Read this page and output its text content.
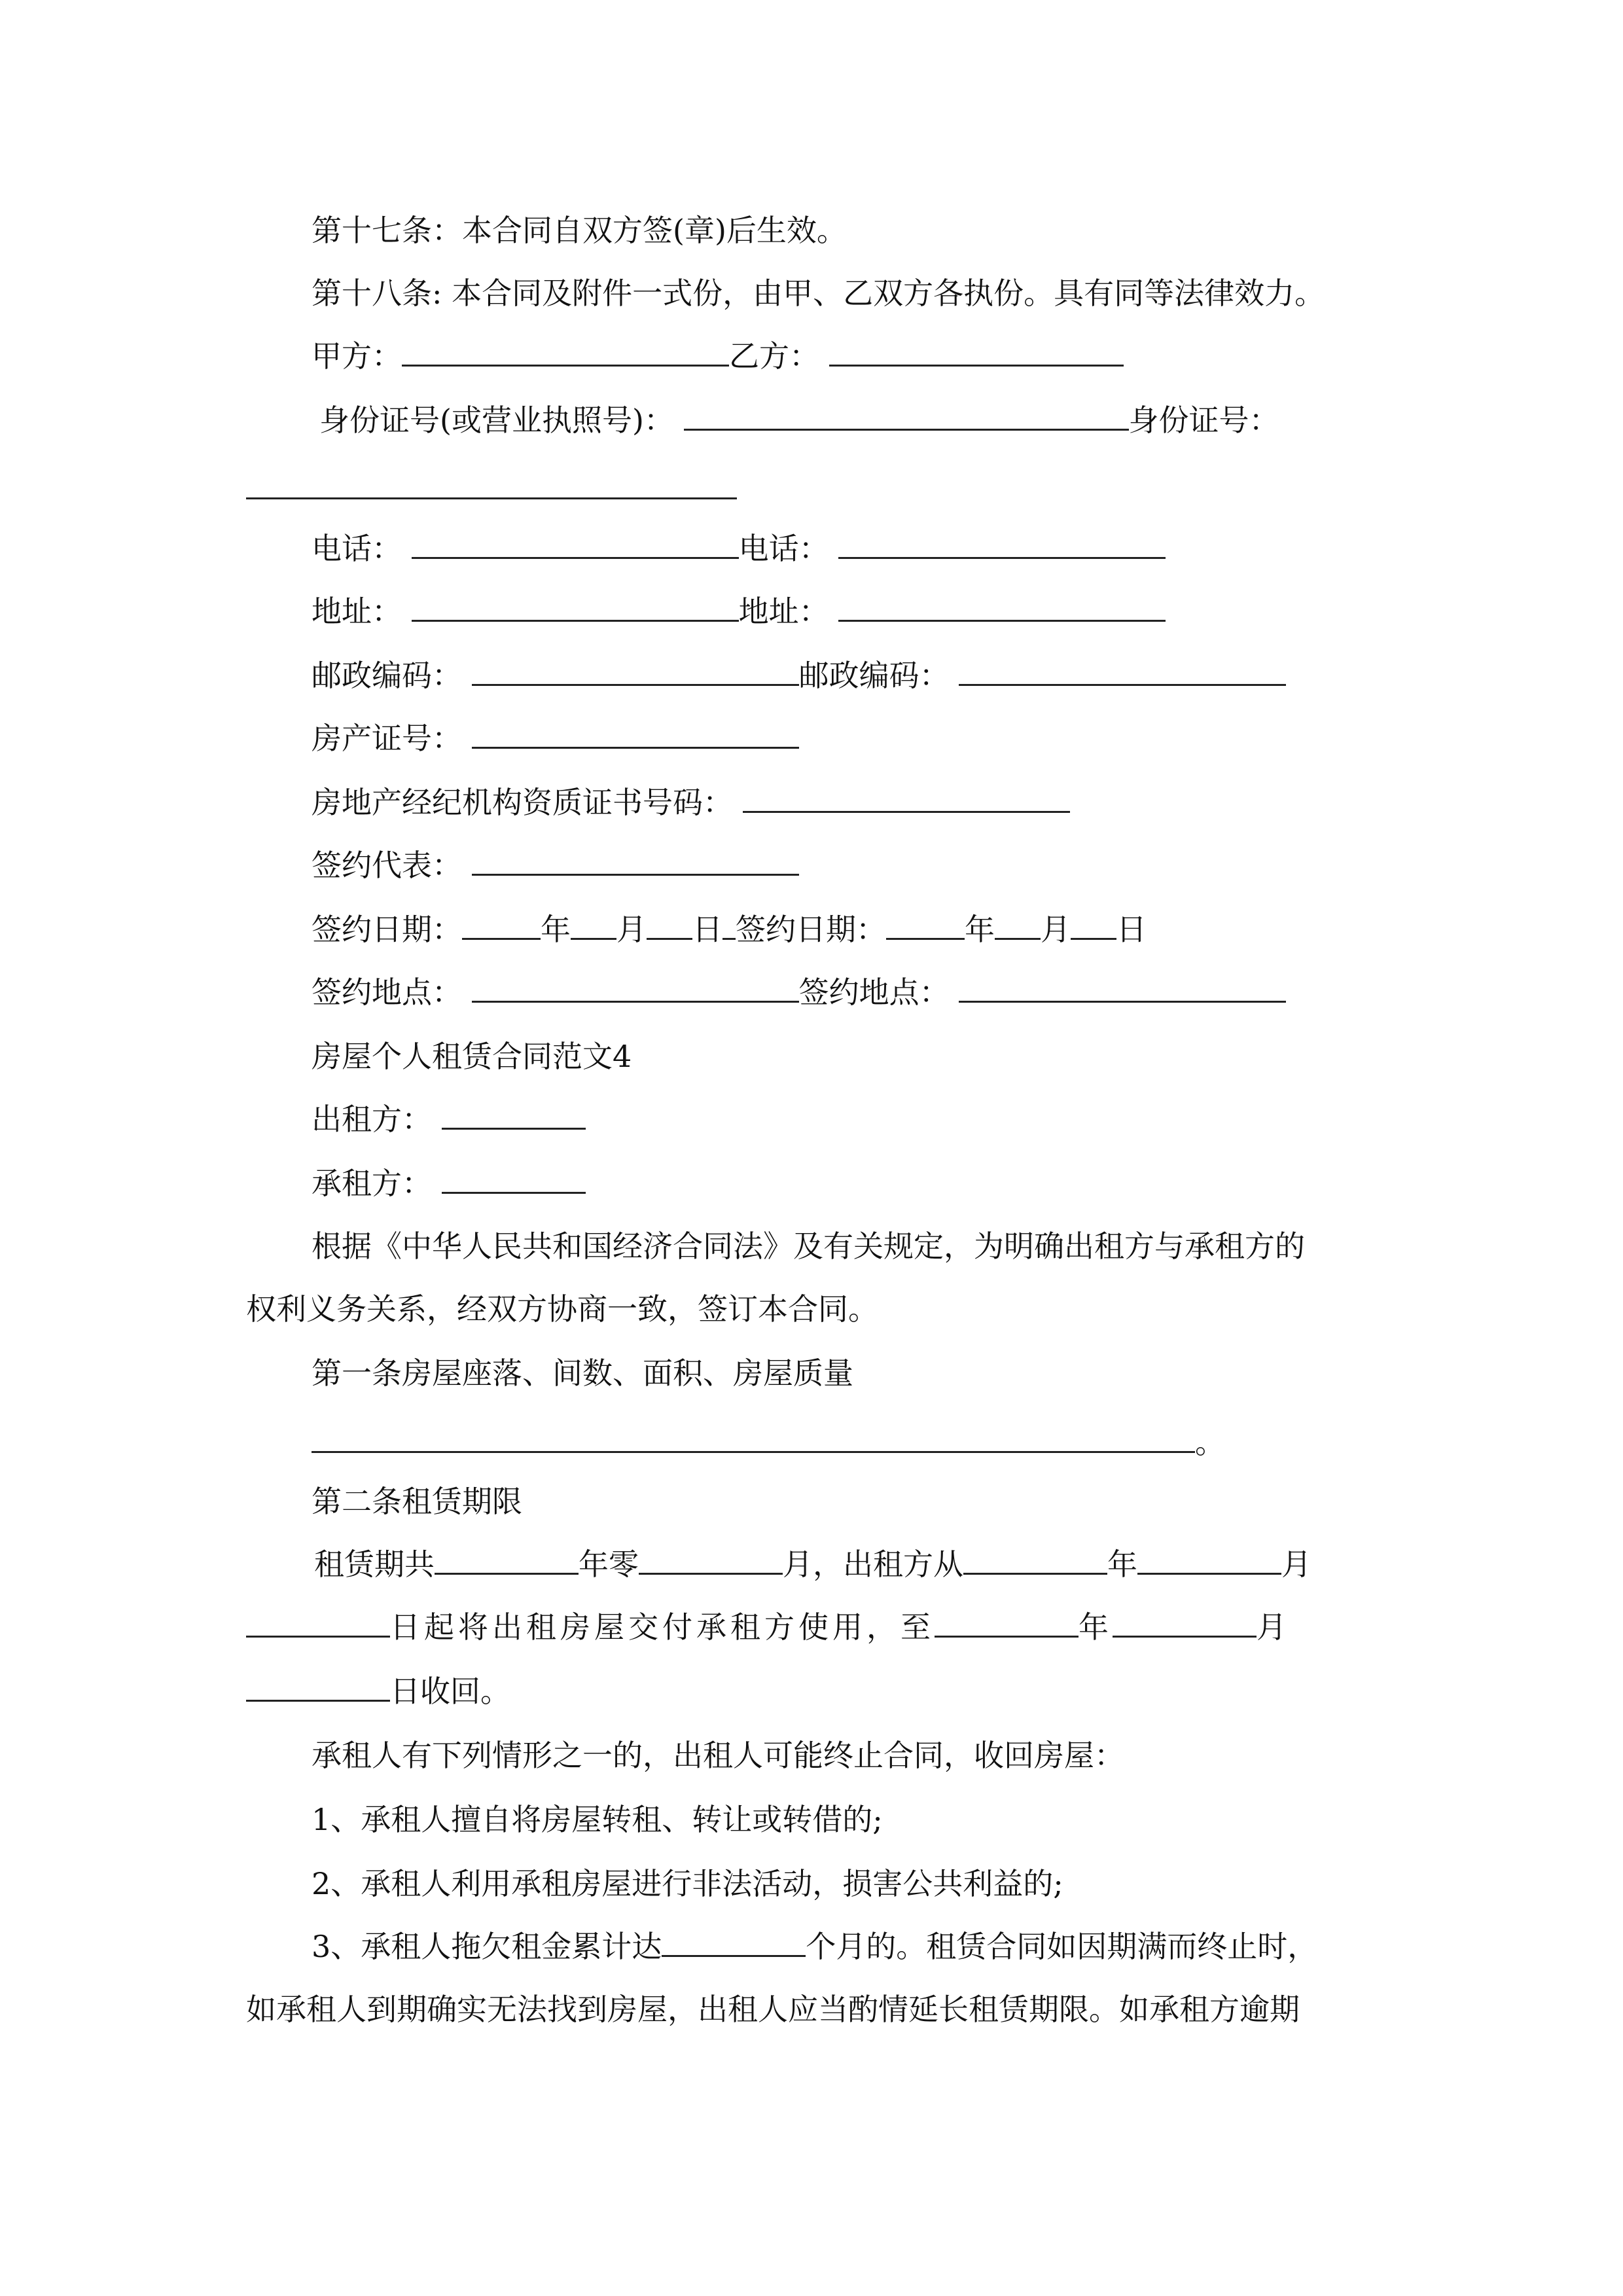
第十七条：本合同自双方签(章)后生效。
第十八条: 本合同及附件一式份，由甲、乙双方各执份。具有同等法律效力。
甲方：	乙方：
身份证号(或营业执照号)：	身份证号：
电话：	电话：
地址：	地址：
邮政编码：	邮政编码：
房产证号：
房地产经纪机构资质证书号码：
签约代表：
签约日期：	年 月 日 签约日期：	年 月 日
签约地点：	签约地点：
房屋个人租赁合同范文4
出租方：
承租方：
根据《中华人民共和国经济合同法》及有关规定，为明确出租方与承租方的
权利义务关系，经双方协商一致，签订本合同。
第一条房屋座落、间数、面积、房屋质量
。
第二条租赁期限
租赁期共	年零	月，出租方从	年	月
日起将出租房屋交付承租方使用，至	年	月
日收回。
承租人有下列情形之一的，出租人可能终止合同，收回房屋：
1、承租人擅自将房屋转租、转让或转借的;
2、承租人利用承租房屋进行非法活动，损害公共利益的;
3、承租人拖欠租金累计达	个月的。租赁合同如因期满而终止时，
如承租人到期确实无法找到房屋，出租人应当酌情延长租赁期限。如承租方逾期
